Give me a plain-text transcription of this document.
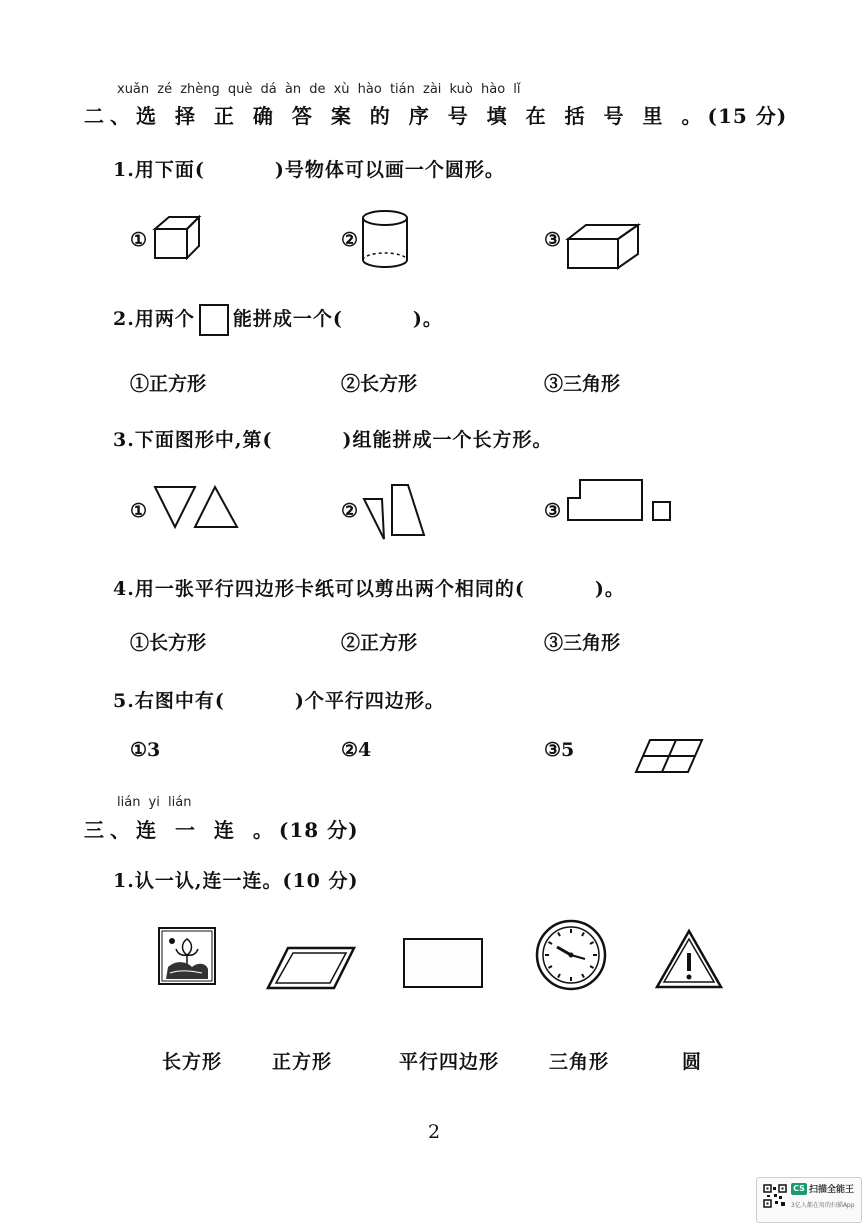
xuǎn zé zhèng què dá àn de xù hào tián zài kuò hào lǐ
二、选 择 正 确 答 案 的 序 号 填 在 括 号 里 。(15 分)
1.用下面(	)号物体可以画一个圆形。
①	②	③
2.用两个 能拼成一个(	)。
①正方形	②长方形	③三角形
3.下面图形中,第(	)组能拼成一个长方形。
①	②	③
4.用一张平行四边形卡纸可以剪出两个相同的(	)。
①长方形	②正方形	③三角形
5.右图中有(	)个平行四边形。
①3	②4	③5
lián yi lián
三、连 一 连 。(18 分)
1.认一认,连一连。(10 分)
长方形	正方形	平行四边形	三角形	圆
2
CS 扫描全能王
3亿人都在用的扫描App
